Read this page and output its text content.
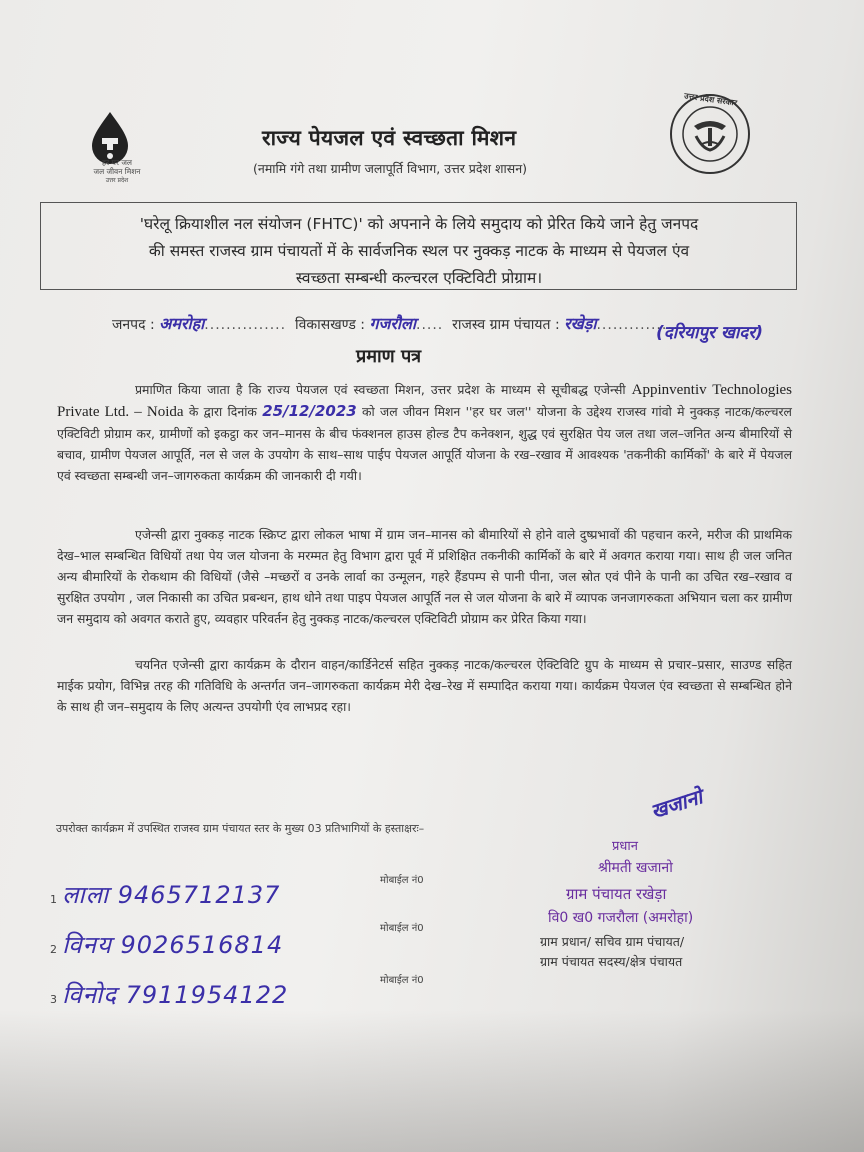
हर घर जल
जल जीवन मिशन
उत्तर प्रदेश
उत्तर प्रदेश सरकार
राज्य पेयजल एवं स्वच्छता मिशन
(नमामि गंगे तथा ग्रामीण जलापूर्ति विभाग, उत्तर प्रदेश शासन)
'घरेलू क्रियाशील नल संयोजन (FHTC)' को अपनाने के लिये समुदाय को प्रेरित किये जाने हेतु जनपद
की समस्त राजस्व ग्राम पंचायतों में के सार्वजनिक स्थल पर नुक्कड़ नाटक के माध्यम से पेयजल एंव
स्वच्छता सम्बन्धी कल्चरल एक्टिविटी प्रोग्राम।
जनपद : अमरोहा............... विकासखण्ड : गजरौला..... राजस्व ग्राम पंचायत : रखेड़ा..............
(दरियापुर खादर)
प्रमाण पत्र
प्रमाणित किया जाता है कि राज्य पेयजल एवं स्वच्छता मिशन, उत्तर प्रदेश के माध्यम से सूचीबद्ध एजेन्सी Appinventiv Technologies Private Ltd. – Noida के द्वारा दिनांक 25/12/2023 को जल जीवन मिशन ''हर घर जल'' योजना के उद्देश्य राजस्व गांवो मे नुक्कड़ नाटक/कल्चरल एक्टिविटी प्रोग्राम कर, ग्रामीणों को इकट्ठा कर जन–मानस के बीच फंक्शनल हाउस होल्ड टैप कनेक्शन, शुद्ध एवं सुरक्षित पेय जल तथा जल–जनित अन्य बीमारियों से बचाव, ग्रामीण पेयजल आपूर्ति, नल से जल के उपयोग के साथ–साथ पाईप पेयजल आपूर्ति योजना के रख–रखाव में आवश्यक 'तकनीकी कार्मिकों' के बारे में पेयजल एवं स्वच्छता सम्बन्धी जन–जागरुकता कार्यक्रम की जानकारी दी गयी।
एजेन्सी द्वारा नुक्कड़ नाटक स्क्रिप्ट द्वारा लोकल भाषा में ग्राम जन–मानस को बीमारियों से होने वाले दुष्प्रभावों की पहचान करने, मरीज की प्राथमिक देख–भाल सम्बन्धित विधियों तथा पेय जल योजना के मरम्मत हेतु विभाग द्वारा पूर्व में प्रशिक्षित तकनीकी कार्मिकों के बारे में अवगत कराया गया। साथ ही जल जनित अन्य बीमारियों के रोकथाम की विधियों (जैसे –मच्छरों व उनके लार्वा का उन्मूलन, गहरे हैंडपम्प से पानी पीना, जल स्रोत एवं पीने के पानी का उचित रख–रखाव व सुरक्षित उपयोग , जल निकासी का उचित प्रबन्धन, हाथ धोने तथा पाइप पेयजल आपूर्ति नल से जल योजना के बारे में व्यापक जनजागरुकता अभियान चला कर ग्रामीण जन समुदाय को अवगत कराते हुए, व्यवहार परिवर्तन हेतु नुक्कड़ नाटक/कल्चरल एक्टिविटी प्रोग्राम कर प्रेरित किया गया।
चयनित एजेन्सी द्वारा कार्यक्रम के दौरान वाहन/कार्डिनेटर्स सहित नुक्कड़ नाटक/कल्चरल ऐक्टिविटि ग्रुप के माध्यम से प्रचार–प्रसार, साउण्ड सहित माईक प्रयोग, विभिन्न तरह की गतिविधि के अन्तर्गत जन–जागरुकता कार्यक्रम मेरी देख–रेख में सम्पादित कराया गया। कार्यक्रम पेयजल एंव स्वच्छता से सम्बन्धित होने के साथ ही जन–समुदाय के लिए अत्यन्त उपयोगी एंव लाभप्रद रहा।
उपरोक्त कार्यक्रम में उपस्थित राजस्व ग्राम पंचायत स्तर के मुख्य 03 प्रतिभागियों के हस्ताक्षरः–
1 लाला 9465712137
मोबाईल नं0
2 विनय 9026516814
मोबाईल नं0
3 विनोद 7911954122
मोबाईल नं0
खजानो
प्रधान
श्रीमती खजानो
ग्राम पंचायत रखेड़ा
वि0 ख0 गजरौला (अमरोहा)
ग्राम प्रधान/ सचिव ग्राम पंचायत/
ग्राम पंचायत सदस्य/क्षेत्र पंचायत
